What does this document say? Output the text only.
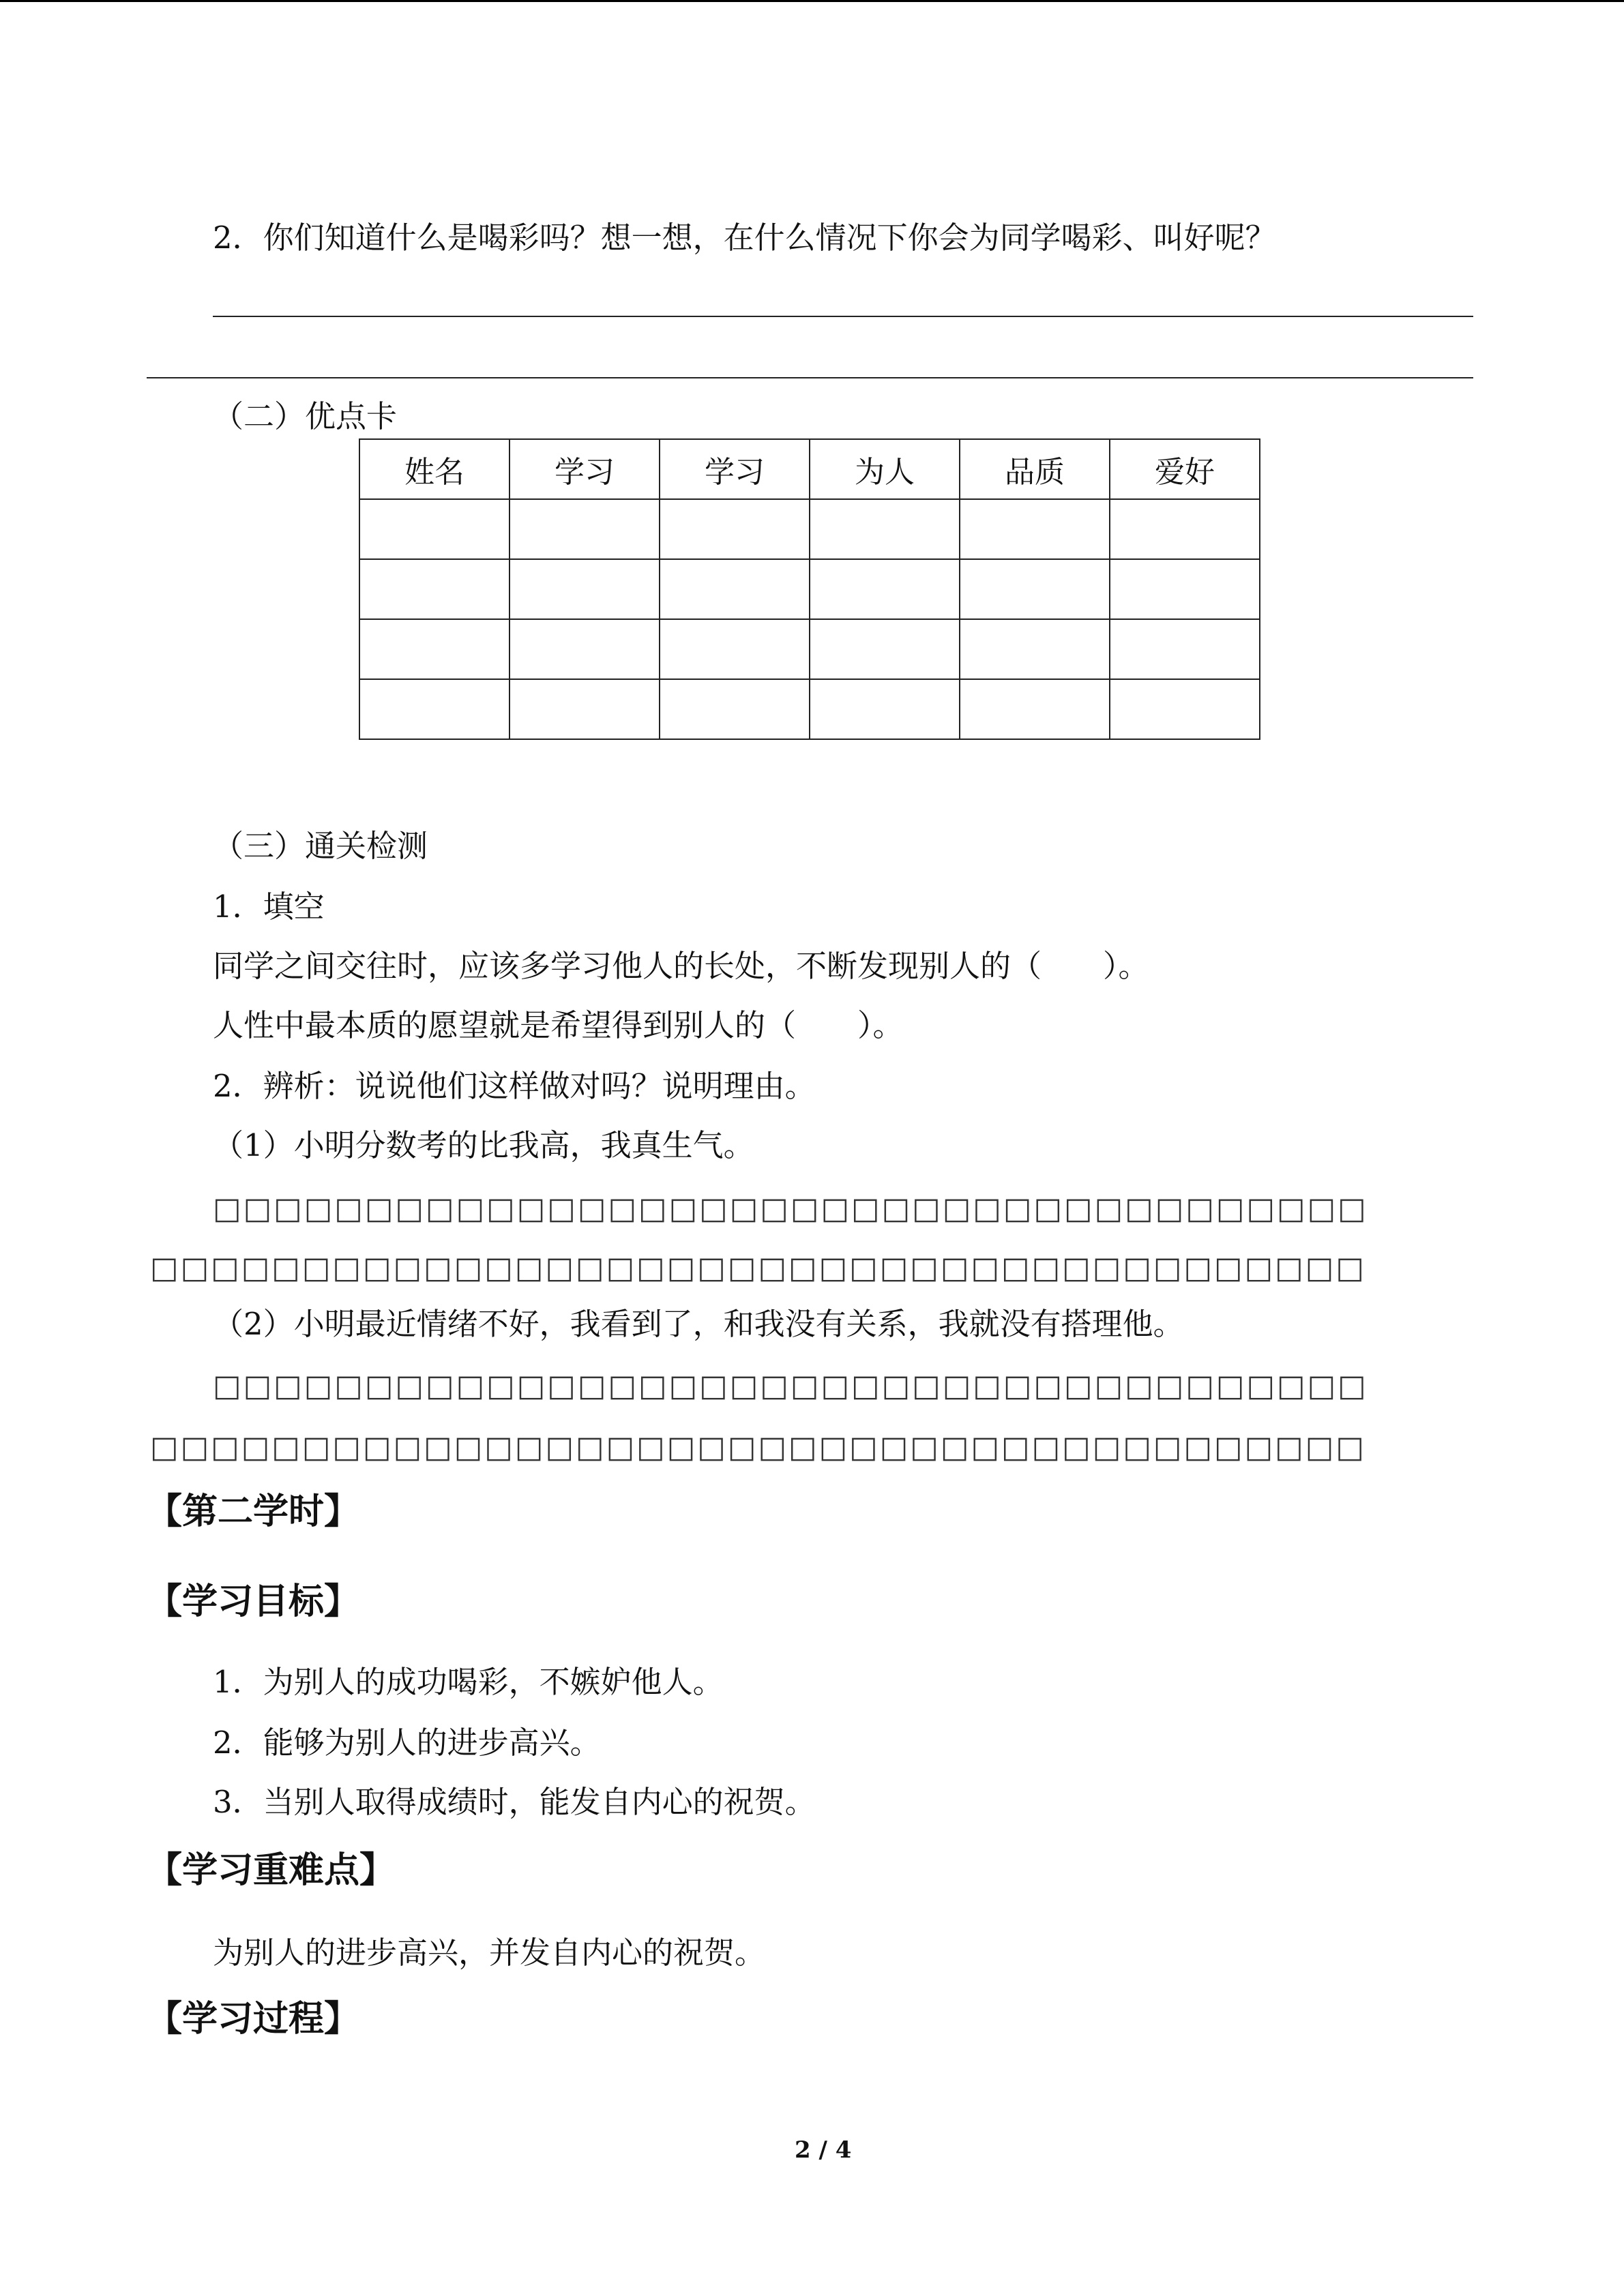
2．你们知道什么是喝彩吗？想一想，在什么情况下你会为同学喝彩、叫好呢？
（二）优点卡
姓名	学习	学习	为人	品质	爱好

（三）通关检测
1．填空
同学之间交往时，应该多学习他人的长处，不断发现别人的（　　）。
人性中最本质的愿望就是希望得到别人的（　　）。
2．辨析：说说他们这样做对吗？说明理由。
（1）小明分数考的比我高，我真生气。
□□□□□□□□□□□□□□□□□□□□□□□□□□□□□□□□□□□□□□
□□□□□□□□□□□□□□□□□□□□□□□□□□□□□□□□□□□□□□□□
（2）小明最近情绪不好，我看到了，和我没有关系，我就没有搭理他。
□□□□□□□□□□□□□□□□□□□□□□□□□□□□□□□□□□□□□□
□□□□□□□□□□□□□□□□□□□□□□□□□□□□□□□□□□□□□□□□
【第二学时】
【学习目标】
1．为别人的成功喝彩，不嫉妒他人。
2．能够为别人的进步高兴。
3．当别人取得成绩时，能发自内心的祝贺。
【学习重难点】
为别人的进步高兴，并发自内心的祝贺。
【学习过程】
2 / 4
